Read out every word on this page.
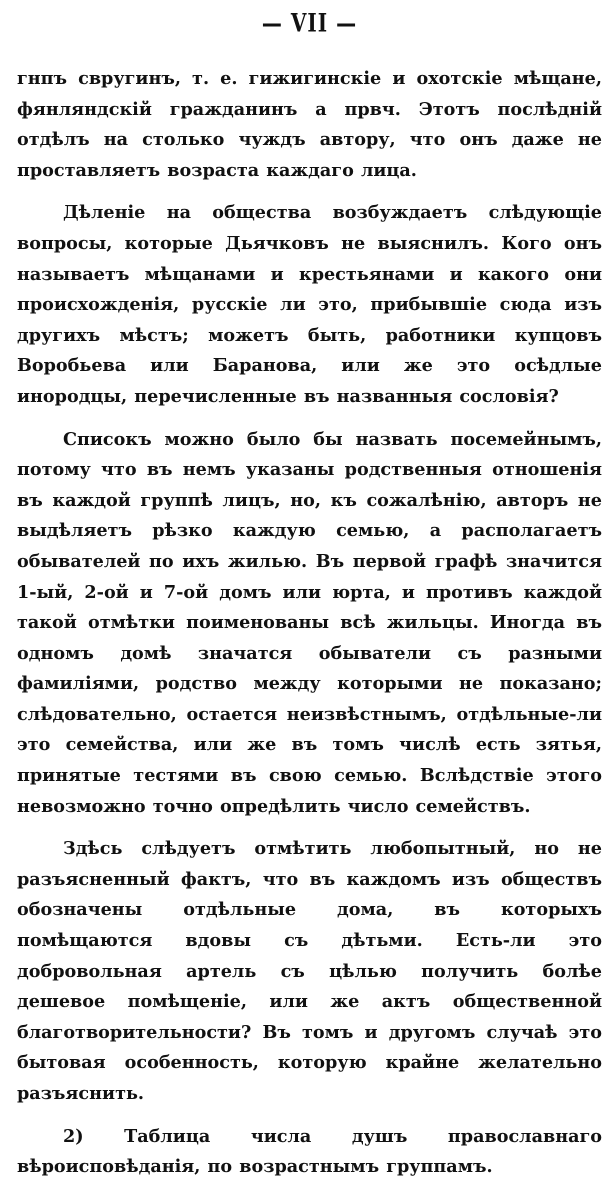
— VII —

гнпъ свругинъ, т. е. гижигинскіе и охотскіе мѣщане, фянляндскій гражданинъ а првч. Этотъ послѣдній отдѣлъ на столько чуждъ автору, что онъ даже не проставляетъ возраста каждаго лица.

Дѣленіе на общества возбуждаетъ слѣдующіе вопросы, которые Дьячковъ не выяснилъ. Кого онъ называетъ мѣщанами и крестьянами и какого они происхожденія, русскіе ли это, прибывшіе сюда изъ другихъ мѣстъ; можетъ быть, работники купцовъ Воробьева или Баранова, или же это осѣдлые инородцы, перечисленные въ названныя сословія?

Списокъ можно было бы назвать посемейнымъ, потому что въ немъ указаны родственныя отношенія въ каждой группѣ лицъ, но, къ сожалѣнію, авторъ не выдѣляетъ рѣзко каждую семью, а располагаетъ обывателей по ихъ жилью. Въ первой графѣ значится 1-ый, 2-ой и 7-ой домъ или юрта, и противъ каждой такой отмѣтки поименованы всѣ жильцы. Иногда въ одномъ домѣ значатся обыватели съ разными фамиліями, родство между которыми не показано; слѣдовательно, остается неизвѣстнымъ, отдѣльные-ли это семейства, или же въ томъ числѣ есть зятья, принятые тестями въ свою семью. Вслѣдствіе этого невозможно точно опредѣлить число семействъ.

Здѣсь слѣдуетъ отмѣтить любопытный, но не разъясненный фактъ, что въ каждомъ изъ обществъ обозначены отдѣльные дома, въ которыхъ помѣщаются вдовы съ дѣтьми. Есть-ли это добровольная артель съ цѣлью получить болѣе дешевое помѣщеніе, или же актъ общественной благотворительности? Въ томъ и другомъ случаѣ это бытовая особенность, которую крайне желательно разъяснить.

2) Таблица числа душъ православнаго вѣроисповѣданія, по возрастнымъ группамъ.
